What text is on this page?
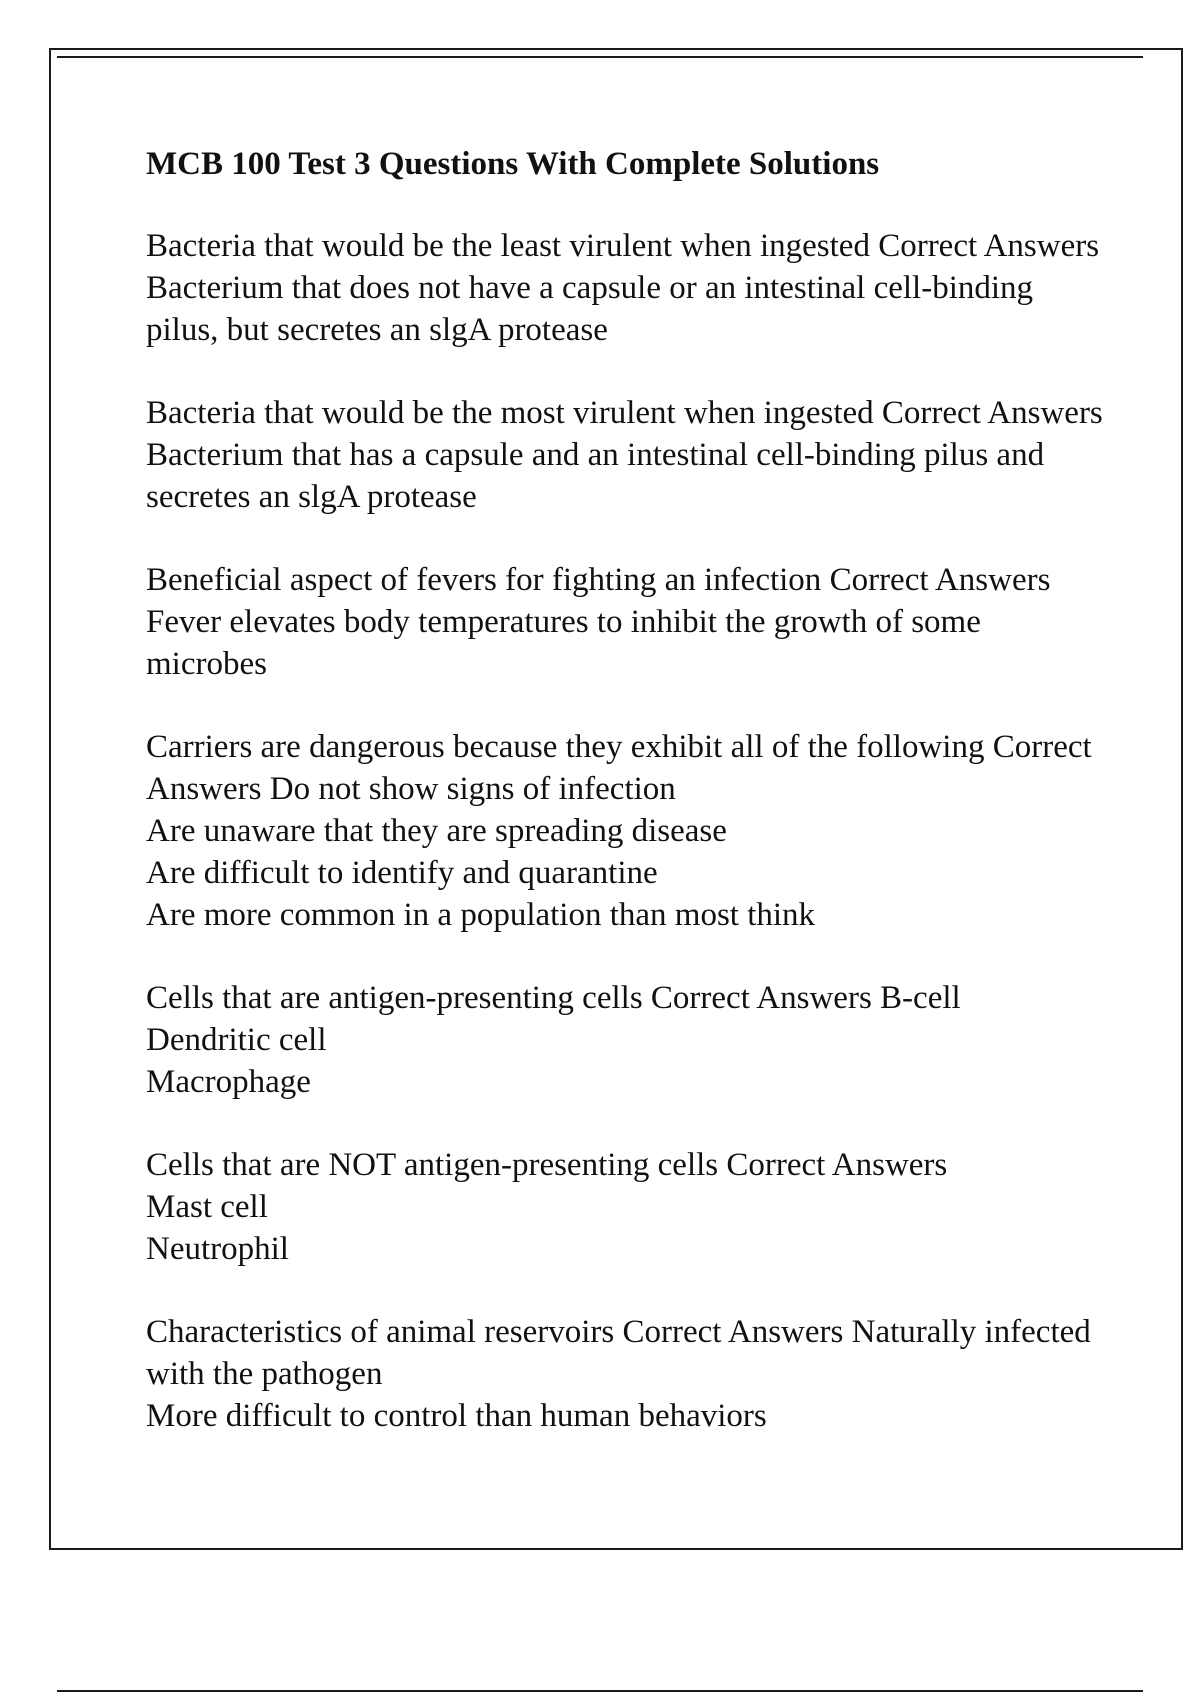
MCB 100 Test 3 Questions With Complete Solutions
Bacteria that would be the least virulent when ingested Correct Answers Bacterium that does not have a capsule or an intestinal cell-binding pilus, but secretes an slgA protease
Bacteria that would be the most virulent when ingested Correct Answers Bacterium that has a capsule and an intestinal cell-binding pilus and secretes an slgA protease
Beneficial aspect of fevers for fighting an infection Correct Answers Fever elevates body temperatures to inhibit the growth of some microbes
Carriers are dangerous because they exhibit all of the following Correct Answers Do not show signs of infection
Are unaware that they are spreading disease
Are difficult to identify and quarantine
Are more common in a population than most think
Cells that are antigen-presenting cells Correct Answers B-cell
Dendritic cell
Macrophage
Cells that are NOT antigen-presenting cells Correct Answers
Mast cell
Neutrophil
Characteristics of animal reservoirs Correct Answers Naturally infected with the pathogen
More difficult to control than human behaviors
